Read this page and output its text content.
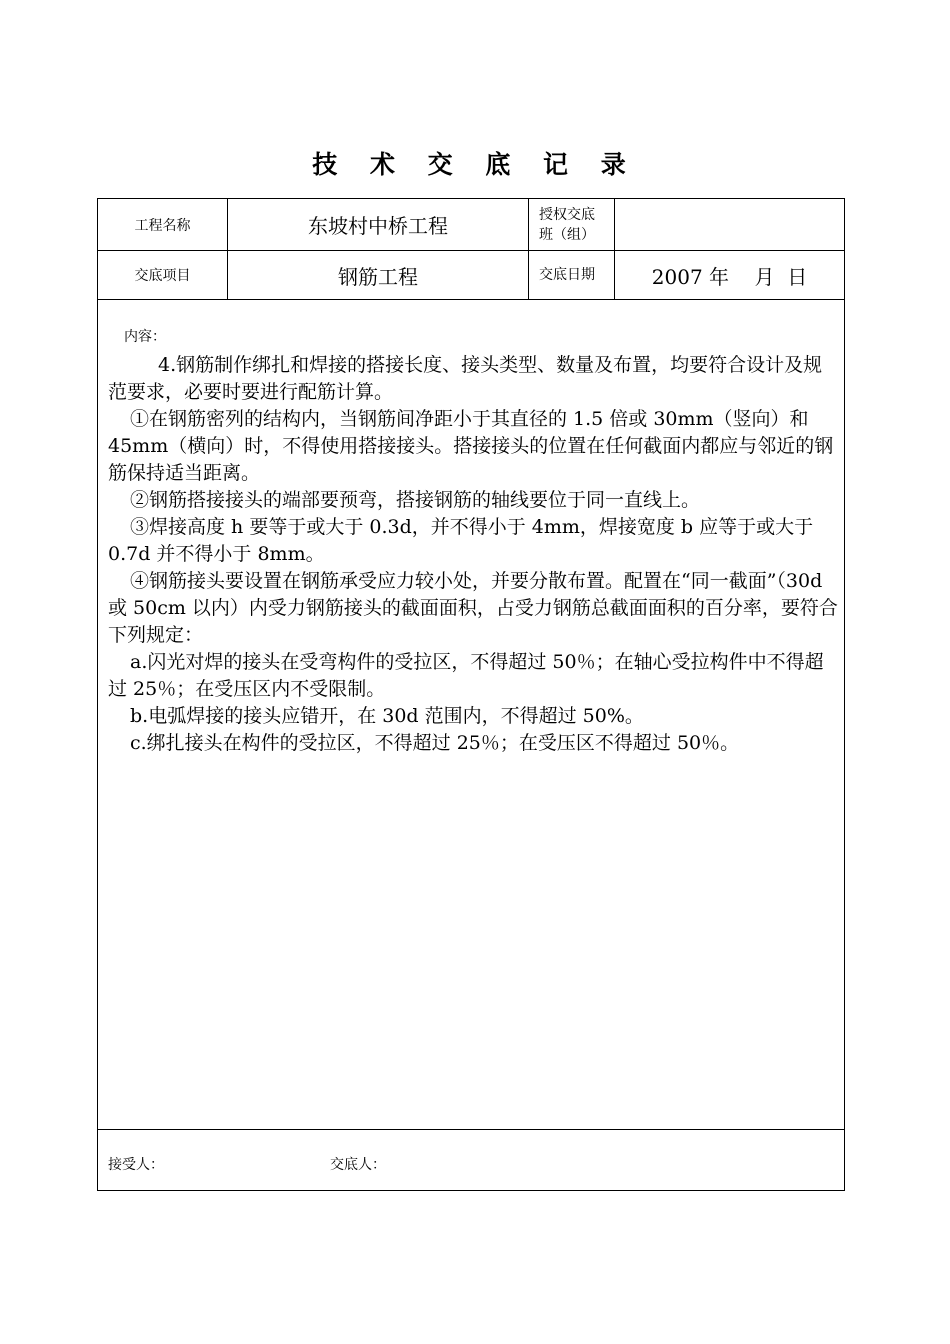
技 术 交 底 记 录
工程名称	东坡村中桥工程	授权交底
班（组）
交底项目	钢筋工程	交底日期	2007 年    月  日
内容：

4.钢筋制作绑扎和焊接的搭接长度、接头类型、数量及布置，均要符合设计及规范要求，必要时要进行配筋计算。

①在钢筋密列的结构内，当钢筋间净距小于其直径的 1.5 倍或 30mm（竖向）和 45mm（横向）时，不得使用搭接接头。搭接接头的位置在任何截面内都应与邻近的钢筋保持适当距离。

②钢筋搭接接头的端部要预弯，搭接钢筋的轴线要位于同一直线上。

③焊接高度 h 要等于或大于 0.3d，并不得小于 4mm，焊接宽度 b 应等于或大于 0.7d 并不得小于 8mm。

④钢筋接头要设置在钢筋承受应力较小处，并要分散布置。配置在“同一截面”（30d 或 50cm 以内）内受力钢筋接头的截面面积，占受力钢筋总截面面积的百分率，要符合下列规定：

a.闪光对焊的接头在受弯构件的受拉区，不得超过 50％；在轴心受拉构件中不得超过 25％；在受压区内不受限制。

b.电弧焊接的接头应错开，在 30d 范围内，不得超过 50%。

c.绑扎接头在构件的受拉区，不得超过 25％；在受压区不得超过 50％。

接受人：	交底人：
